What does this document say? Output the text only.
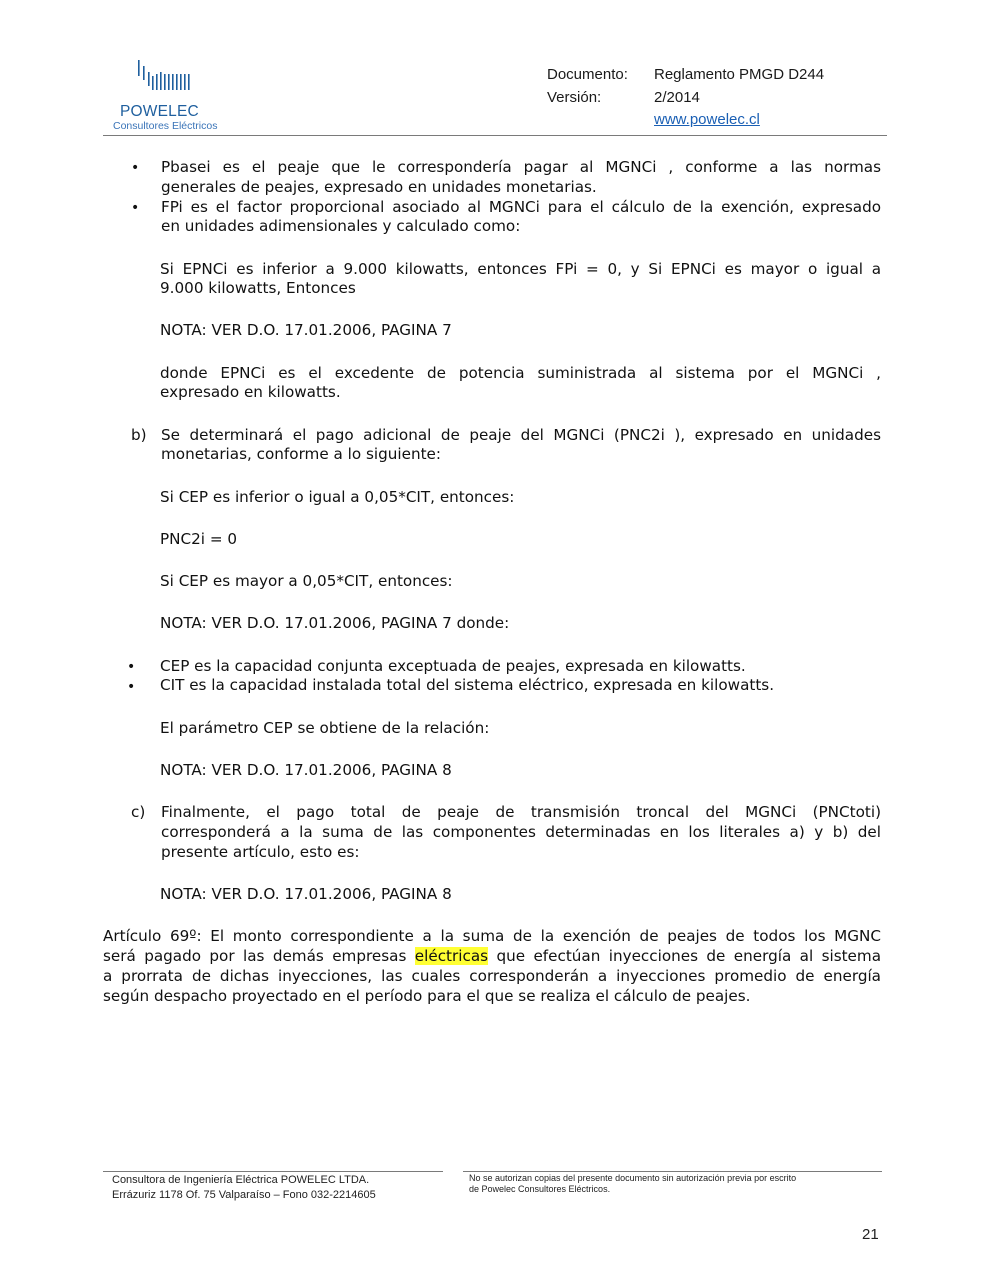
POWELEC
Consultores Eléctricos
Documento: Reglamento PMGD D244
Versión:	2/2014
www.powelec.cl
• Pbasei es el peaje que le correspondería pagar al MGNCi , conforme a las normas
generales de peajes, expresado en unidades monetarias.
• FPi es el factor proporcional asociado al MGNCi para el cálculo de la exención, expresado
en unidades adimensionales y calculado como:
Si EPNCi es inferior a 9.000 kilowatts, entonces FPi = 0, y Si EPNCi es mayor o igual a
9.000 kilowatts, Entonces
NOTA: VER D.O. 17.01.2006, PAGINA 7
donde EPNCi es el excedente de potencia suministrada al sistema por el MGNCi ,
expresado en kilowatts.
b) Se determinará el pago adicional de peaje del MGNCi (PNC2i ), expresado en unidades
monetarias, conforme a lo siguiente:
Si CEP es inferior o igual a 0,05*CIT, entonces:
PNC2i = 0
Si CEP es mayor a 0,05*CIT, entonces:
NOTA: VER D.O. 17.01.2006, PAGINA 7 donde:
• CEP es la capacidad conjunta exceptuada de peajes, expresada en kilowatts.
• CIT es la capacidad instalada total del sistema eléctrico, expresada en kilowatts.
El parámetro CEP se obtiene de la relación:
NOTA: VER D.O. 17.01.2006, PAGINA 8
c) Finalmente, el pago total de peaje de transmisión troncal del MGNCi (PNCtoti)
corresponderá a la suma de las componentes determinadas en los literales a) y b) del
presente artículo, esto es:
NOTA: VER D.O. 17.01.2006, PAGINA 8
Artículo 69º: El monto correspondiente a la suma de la exención de peajes de todos los MGNC
será pagado por las demás empresas eléctricas que efectúan inyecciones de energía al sistema
a prorrata de dichas inyecciones, las cuales corresponderán a inyecciones promedio de energía
según despacho proyectado en el período para el que se realiza el cálculo de peajes.
Consultora de Ingeniería Eléctrica POWELEC LTDA.
Errázuriz 1178 Of. 75 Valparaíso – Fono 032-2214605
No se autorizan copias del presente documento sin autorización previa por escrito
de Powelec Consultores Eléctricos.
21
